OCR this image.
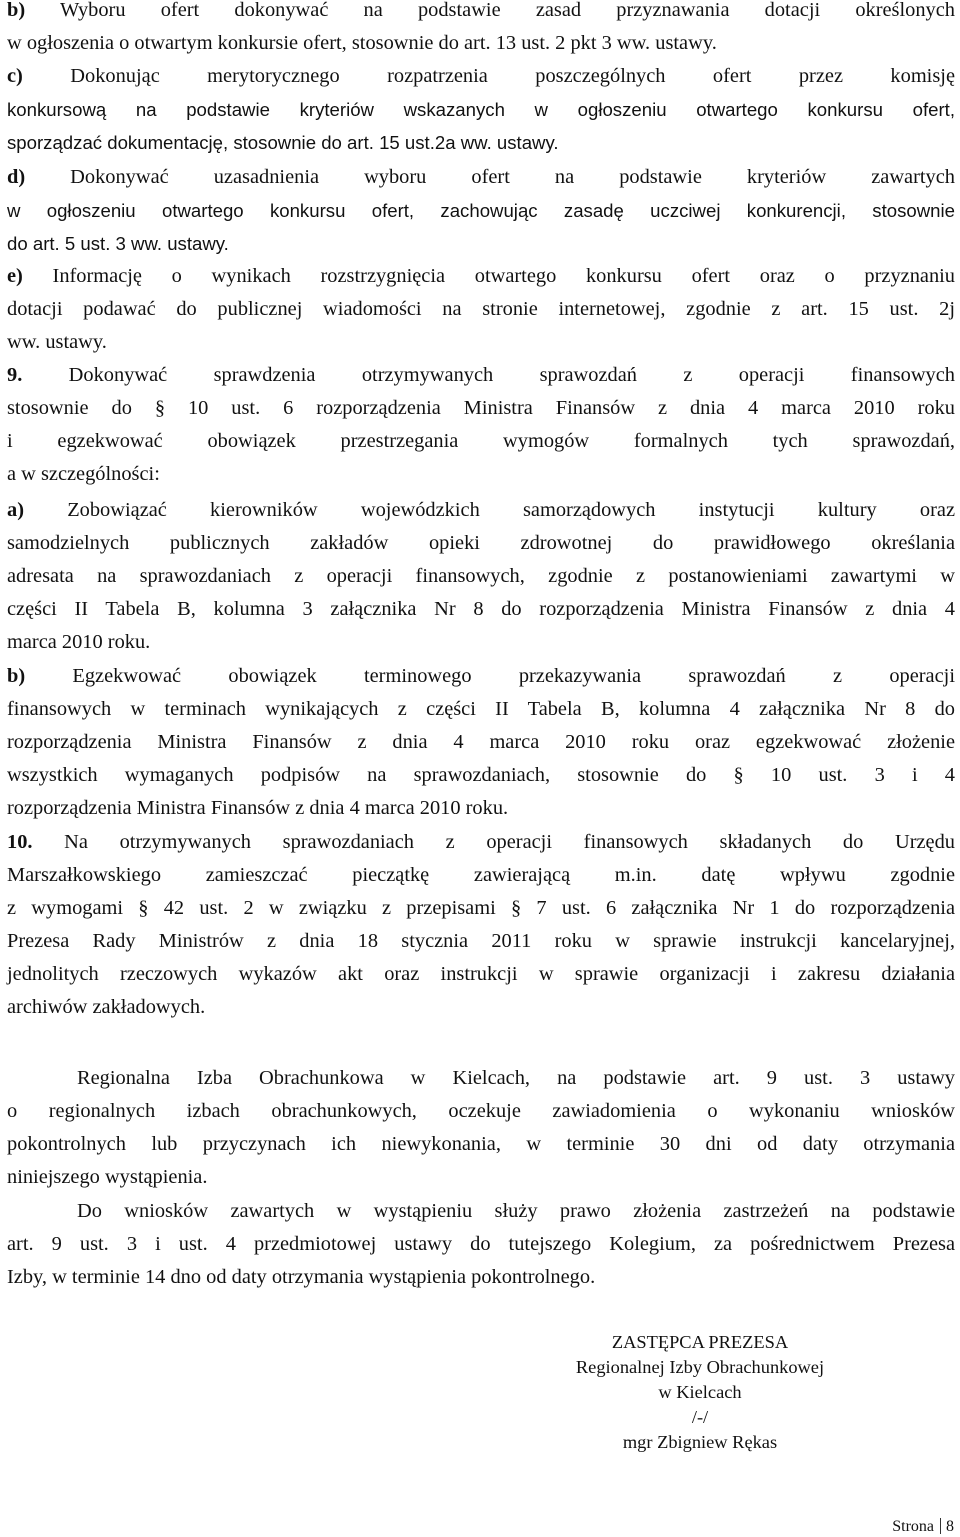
b) Wyboru ofert dokonywać na podstawie zasad przyznawania dotacji określonych
w ogłoszenia o otwartym konkursie ofert, stosownie do art. 13 ust. 2 pkt 3 ww. ustawy.
c) Dokonując merytorycznego rozpatrzenia poszczególnych ofert przez komisję
konkursową na podstawie kryteriów wskazanych w ogłoszeniu otwartego konkursu ofert,
sporządzać dokumentację, stosownie do art. 15 ust.2a ww. ustawy.
d) Dokonywać uzasadnienia wyboru ofert na podstawie kryteriów zawartych
w ogłoszeniu otwartego konkursu ofert, zachowując zasadę uczciwej konkurencji, stosownie
do art. 5 ust. 3 ww. ustawy.
e) Informację o wynikach rozstrzygnięcia otwartego konkursu ofert oraz o przyznaniu
dotacji podawać do publicznej wiadomości na stronie internetowej, zgodnie z art. 15 ust. 2j
ww. ustawy.
9. Dokonywać sprawdzenia otrzymywanych sprawozdań z operacji finansowych
stosownie do § 10 ust. 6 rozporządzenia Ministra Finansów z dnia 4 marca 2010 roku
i egzekwować obowiązek przestrzegania wymogów formalnych tych sprawozdań,
a w szczególności:
a) Zobowiązać kierowników wojewódzkich samorządowych instytucji kultury oraz
samodzielnych publicznych zakładów opieki zdrowotnej do prawidłowego określania
adresata na sprawozdaniach z operacji finansowych, zgodnie z postanowieniami zawartymi w
części II Tabela B, kolumna 3 załącznika Nr 8 do rozporządzenia Ministra Finansów z dnia 4
marca 2010 roku.
b) Egzekwować obowiązek terminowego przekazywania sprawozdań z operacji
finansowych w terminach wynikających z części II Tabela B, kolumna 4 załącznika Nr 8 do
rozporządzenia Ministra Finansów z dnia 4 marca 2010 roku oraz egzekwować złożenie
wszystkich wymaganych podpisów na sprawozdaniach, stosownie do § 10 ust. 3 i 4
rozporządzenia Ministra Finansów z dnia 4 marca 2010 roku.
10. Na otrzymywanych sprawozdaniach z operacji finansowych składanych do Urzędu
Marszałkowskiego zamieszczać pieczątkę zawierającą m.in. datę wpływu zgodnie
z wymogami § 42 ust. 2 w związku z przepisami § 7 ust. 6 załącznika Nr 1 do rozporządzenia
Prezesa Rady Ministrów z dnia 18 stycznia 2011 roku w sprawie instrukcji kancelaryjnej,
jednolitych rzeczowych wykazów akt oraz instrukcji w sprawie organizacji i zakresu działania
archiwów zakładowych.
Regionalna Izba Obrachunkowa w Kielcach, na podstawie art. 9 ust. 3 ustawy
o regionalnych izbach obrachunkowych, oczekuje zawiadomienia o wykonaniu wniosków
pokontrolnych lub przyczynach ich niewykonania, w terminie 30 dni od daty otrzymania
niniejszego wystąpienia.
Do wniosków zawartych w wystąpieniu służy prawo złożenia zastrzeżeń na podstawie
art. 9 ust. 3 i ust. 4 przedmiotowej ustawy do tutejszego Kolegium, za pośrednictwem Prezesa
Izby, w terminie 14 dno od daty otrzymania wystąpienia pokontrolnego.
ZASTĘPCA PREZESA
Regionalnej Izby Obrachunkowej
w Kielcach
/-/
mgr Zbigniew Rękas
Strona 8
